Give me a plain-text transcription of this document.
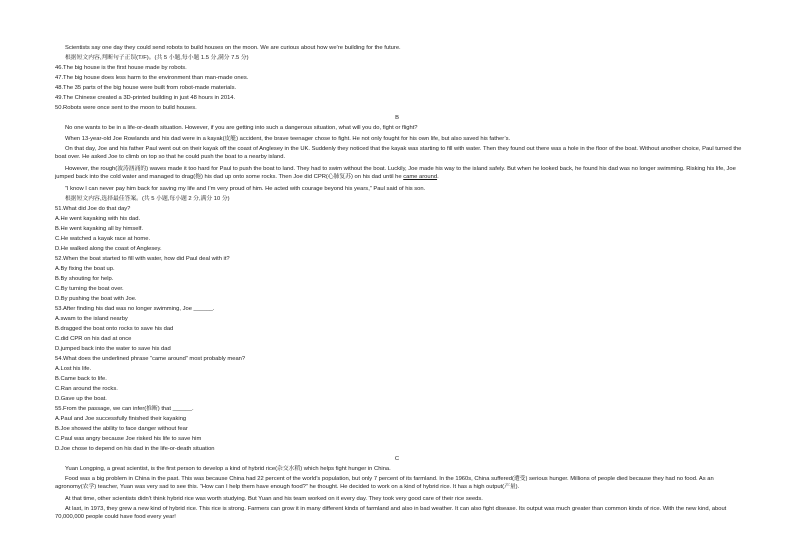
Scientists say one day they could send robots to build houses on the moon. We are curious about how we’re building for the future.
根据短文内容,判断句子正误(T/F)。(共 5 小题,每小题 1.5 分,满分 7.5 分)
46.The big house is the first house made by robots.
47.The big house does less harm to the environment than man-made ones.
48.The 35 parts of the big house were built from robot-made materials.
49.The Chinese created a 3D-printed building in just 48 hours in 2014.
50.Robots were once sent to the moon to build houses.
B
No one wants to be in a life-or-death situation. However, if you are getting into such a dangerous situation, what will you do, fight or flight?
When 13-year-old Joe Rowlands and his dad were in a kayak(皮艇) accident, the brave teenager chose to fight. He not only fought for his own life, but also saved his father’s.
On that day, Joe and his father Paul went out on their kayak off the coast of Anglesey in the UK. Suddenly they noticed that the kayak was starting to fill with water. Then they found out there was a hole in the floor of the boat. Without another choice, Paul turned the boat over. He asked Joe to climb on top so that he could push the boat to a nearby island.
However, the rough(波涛汹涌的) waves made it too hard for Paul to push the boat to land. They had to swim without the boat. Luckily, Joe made his way to the island safely. But when he looked back, he found his dad was no longer swimming. Risking his life, Joe jumped back into the cold water and managed to drag(拖) his dad up onto some rocks. Then Joe did CPR(心肺复苏) on his dad until he came around.
“I know I can never pay him back for saving my life and I’m very proud of him. He acted with courage beyond his years,” Paul said of his son.
根据短文内容,选择最佳答案。(共 5 小题,每小题 2 分,满分 10 分)
51.What did Joe do that day?
A.He went kayaking with his dad.
B.He went kayaking all by himself.
C.He watched a kayak race at home.
D.He walked along the coast of Anglesey.
52.When the boat started to fill with water, how did Paul deal with it?
A.By fixing the boat up.
B.By shouting for help.
C.By turning the boat over.
D.By pushing the boat with Joe.
53.After finding his dad was no longer swimming, Joe ______.
A.swam to the island nearby
B.dragged the boat onto rocks to save his dad
C.did CPR on his dad at once
D.jumped back into the water to save his dad
54.What does the underlined phrase “came around” most probably mean?
A.Lost his life.
B.Came back to life.
C.Ran around the rocks.
D.Gave up the boat.
55.From the passage, we can infer(推断) that ______.
A.Paul and Joe successfully finished their kayaking
B.Joe showed the ability to face danger without fear
C.Paul was angry because Joe risked his life to save him
D.Joe chose to depend on his dad in the life-or-death situation
C
Yuan Longping, a great scientist, is the first person to develop a kind of hybrid rice(杂交水稻) which helps fight hunger in China.
Food was a big problem in China in the past. This was because China had 22 percent of the world’s population, but only 7 percent of its farmland. In the 1960s, China suffered(遭受) serious hunger. Millions of people died because they had no food. As an agronomy(农学) teacher, Yuan was very sad to see this. “How can I help them have enough food?” he thought. He decided to work on a kind of hybrid rice. It has a high output(产量).
At that time, other scientists didn’t think hybrid rice was worth studying. But Yuan and his team worked on it every day. They took very good care of their rice seeds.
At last, in 1973, they grew a new kind of hybrid rice. This rice is strong. Farmers can grow it in many different kinds of farmland and also in bad weather. It can also fight disease. Its output was much greater than common kinds of rice. With the new kind, about 70,000,000 people could have food every year!
